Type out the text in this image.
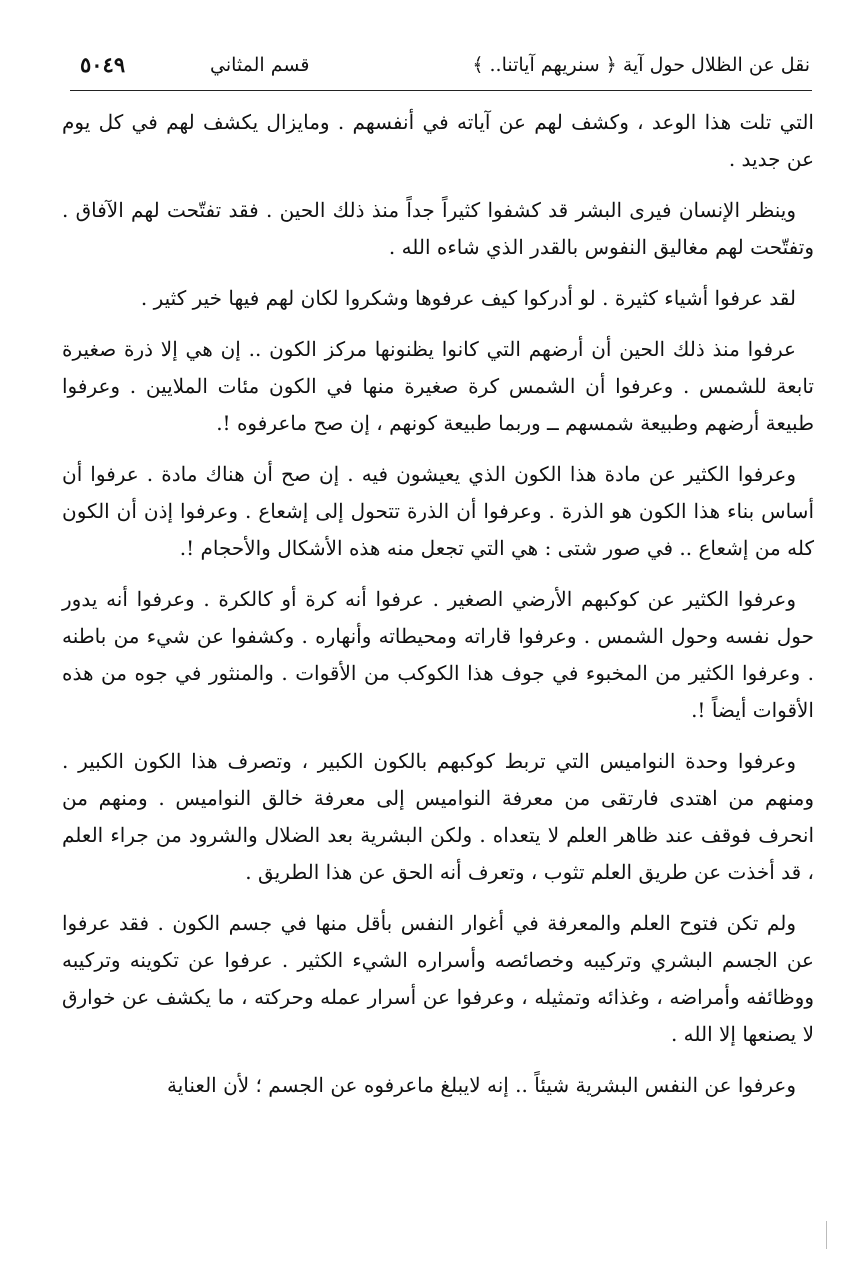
نقل عن الظلال حول آية ﴿ سنريهم آياتنا.. ﴾
قسم المثاني
٥٠٤٩

التي تلت هذا الوعد ، وكشف لهم عن آياته في أنفسهم . ومايزال يكشف لهم في كل يوم عن جديد .

وينظر الإنسان فيرى البشر قد كشفوا كثيراً جداً منذ ذلك الحين . فقد تفتّحت لهم الآفاق . وتفتّحت لهم مغاليق النفوس بالقدر الذي شاءه الله .

لقد عرفوا أشياء كثيرة . لو أدركوا كيف عرفوها وشكروا لكان لهم فيها خير كثير .

عرفوا منذ ذلك الحين أن أرضهم التي كانوا يظنونها مركز الكون .. إن هي إلا ذرة صغيرة تابعة للشمس . وعرفوا أن الشمس كرة صغيرة منها في الكون مئات الملايين . وعرفوا طبيعة أرضهم وطبيعة شمسهم ــ وربما طبيعة كونهم ، إن صح ماعرفوه !.

وعرفوا الكثير عن مادة هذا الكون الذي يعيشون فيه . إن صح أن هناك مادة . عرفوا أن أساس بناء هذا الكون هو الذرة . وعرفوا أن الذرة تتحول إلى إشعاع . وعرفوا إذن أن الكون كله من إشعاع .. في صور شتى : هي التي تجعل منه هذه الأشكال والأحجام !.

وعرفوا الكثير عن كوكبهم الأرضي الصغير . عرفوا أنه كرة أو كالكرة . وعرفوا أنه يدور حول نفسه وحول الشمس . وعرفوا قاراته ومحيطاته وأنهاره . وكشفوا عن شيء من باطنه . وعرفوا الكثير من المخبوء في جوف هذا الكوكب من الأقوات . والمنثور في جوه من هذه الأقوات أيضاً !.

وعرفوا وحدة النواميس التي تربط كوكبهم بالكون الكبير ، وتصرف هذا الكون الكبير . ومنهم من اهتدى فارتقى من معرفة النواميس إلى معرفة خالق النواميس . ومنهم من انحرف فوقف عند ظاهر العلم لا يتعداه . ولكن البشرية بعد الضلال والشرود من جراء العلم ، قد أخذت عن طريق العلم تثوب ، وتعرف أنه الحق عن هذا الطريق .

ولم تكن فتوح العلم والمعرفة في أغوار النفس بأقل منها في جسم الكون . فقد عرفوا عن الجسم البشري وتركيبه وخصائصه وأسراره الشيء الكثير . عرفوا عن تكوينه وتركيبه ووظائفه وأمراضه ، وغذائه وتمثيله ، وعرفوا عن أسرار عمله وحركته ، ما يكشف عن خوارق لا يصنعها إلا الله .

وعرفوا عن النفس البشرية شيئاً .. إنه لايبلغ ماعرفوه عن الجسم ؛ لأن العناية
